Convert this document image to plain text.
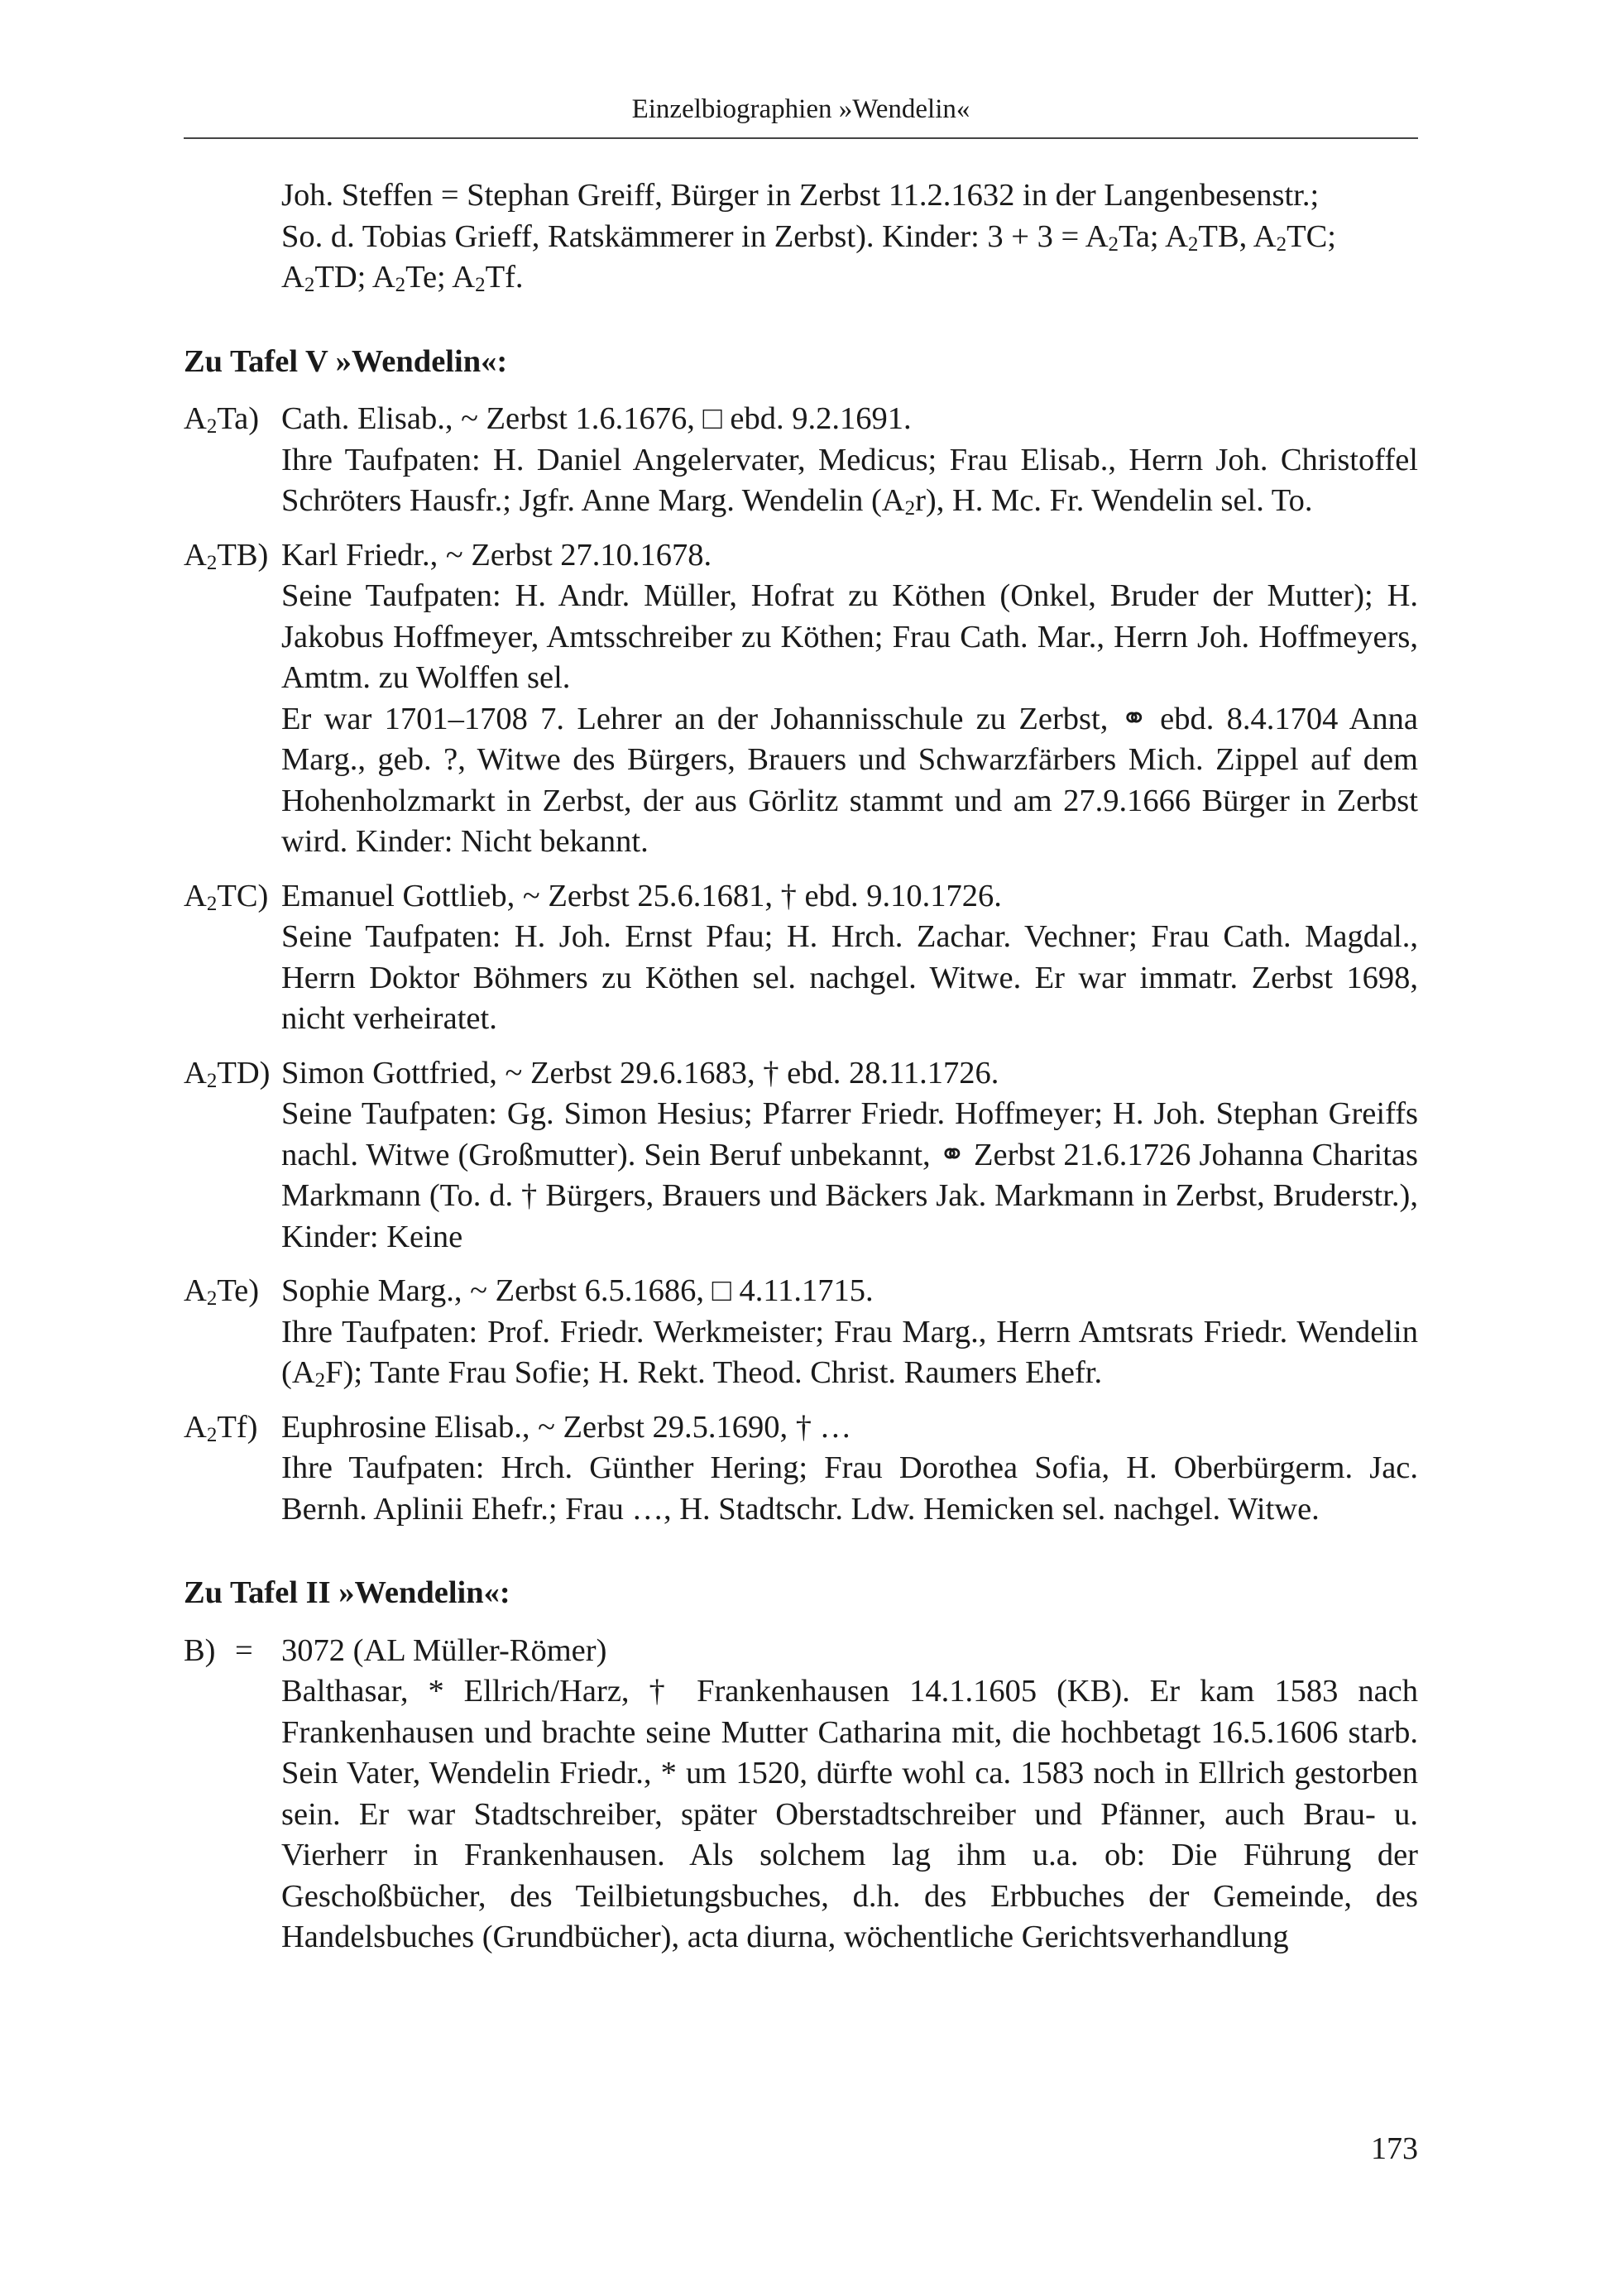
Einzelbiographien »Wendelin«

Joh. Steffen = Stephan Greiff, Bürger in Zerbst 11.2.1632 in der Langenbesenstr.;

So. d. Tobias Grieff, Ratskämmerer in Zerbst). Kinder: 3 + 3 = A2Ta; A2TB, A2TC;

A2TD; A2Te; A2Tf.

Zu Tafel V »Wendelin«:

A2Ta) Cath. Elisab., ~ Zerbst 1.6.1676, □ ebd. 9.2.1691.

Ihre Taufpaten: H. Daniel Angelervater, Medicus; Frau Elisab., Herrn Joh. Christoffel Schröters Hausfr.; Jgfr. Anne Marg. Wendelin (A2r), H. Mc. Fr. Wendelin sel. To.

A2TB) Karl Friedr., ~ Zerbst 27.10.1678.

Seine Taufpaten: H. Andr. Müller, Hofrat zu Köthen (Onkel, Bruder der Mutter); H. Jakobus Hoffmeyer, Amtsschreiber zu Köthen; Frau Cath. Mar., Herrn Joh. Hoffmeyers, Amtm. zu Wolffen sel.

Er war 1701–1708 7. Lehrer an der Johannisschule zu Zerbst, ⚭ ebd. 8.4.1704 Anna Marg., geb. ?, Witwe des Bürgers, Brauers und Schwarzfärbers Mich. Zippel auf dem Hohenholzmarkt in Zerbst, der aus Görlitz stammt und am 27.9.1666 Bürger in Zerbst wird. Kinder: Nicht bekannt.

A2TC) Emanuel Gottlieb, ~ Zerbst 25.6.1681, † ebd. 9.10.1726.

Seine Taufpaten: H. Joh. Ernst Pfau; H. Hrch. Zachar. Vechner; Frau Cath. Magdal., Herrn Doktor Böhmers zu Köthen sel. nachgel. Witwe. Er war immatr. Zerbst 1698, nicht verheiratet.

A2TD) Simon Gottfried, ~ Zerbst 29.6.1683, † ebd. 28.11.1726.

Seine Taufpaten: Gg. Simon Hesius; Pfarrer Friedr. Hoffmeyer; H. Joh. Stephan Greiffs nachl. Witwe (Großmutter). Sein Beruf unbekannt, ⚭ Zerbst 21.6.1726 Johanna Charitas Markmann (To. d. † Bürgers, Brauers und Bäckers Jak. Markmann in Zerbst, Bruderstr.), Kinder: Keine

A2Te) Sophie Marg., ~ Zerbst 6.5.1686, □ 4.11.1715.

Ihre Taufpaten: Prof. Friedr. Werkmeister; Frau Marg., Herrn Amtsrats Friedr. Wendelin (A2F); Tante Frau Sofie; H. Rekt. Theod. Christ. Raumers Ehefr.

A2Tf) Euphrosine Elisab., ~ Zerbst 29.5.1690, † …

Ihre Taufpaten: Hrch. Günther Hering; Frau Dorothea Sofia, H. Oberbürgerm. Jac. Bernh. Aplinii Ehefr.; Frau …, H. Stadtschr. Ldw. Hemicken sel. nachgel. Witwe.

Zu Tafel II »Wendelin«:

B) = 3072 (AL Müller-Römer)

Balthasar, * Ellrich/Harz, † Frankenhausen 14.1.1605 (KB). Er kam 1583 nach Frankenhausen und brachte seine Mutter Catharina mit, die hochbetagt 16.5.1606 starb. Sein Vater, Wendelin Friedr., * um 1520, dürfte wohl ca. 1583 noch in Ellrich gestorben sein. Er war Stadtschreiber, später Oberstadtschreiber und Pfänner, auch Brau- u. Vierherr in Frankenhausen. Als solchem lag ihm u.a. ob: Die Führung der Geschoßbücher, des Teilbietungsbuches, d.h. des Erbbuches der Gemeinde, des Handelsbuches (Grundbücher), acta diurna, wöchentliche Gerichtsverhandlung

173
